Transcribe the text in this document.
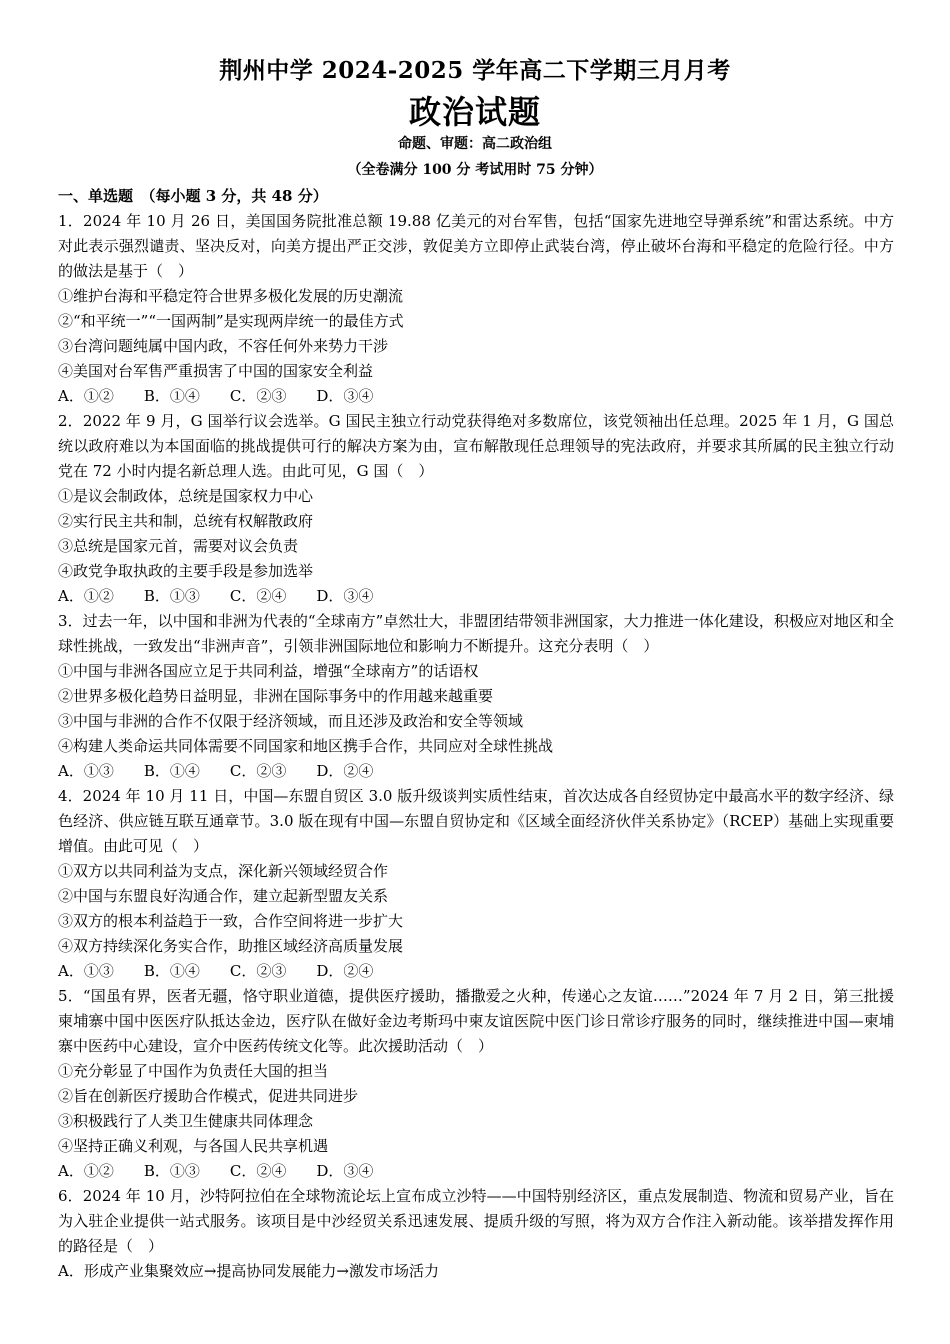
荆州中学 2024-2025 学年高二下学期三月月考
政治试题
命题、审题：高二政治组
（全卷满分 100 分 考试用时 75 分钟）
一、单选题　（每小题 3 分，共 48 分）
1．2024 年 10 月 26 日，美国国务院批准总额 19.88 亿美元的对台军售，包括“国家先进地空导弹系统”和雷达系统。中方对此表示强烈谴责、坚决反对，向美方提出严正交涉，敦促美方立即停止武装台湾，停止破坏台海和平稳定的危险行径。中方的做法是基于（　）
①维护台海和平稳定符合世界多极化发展的历史潮流
②“和平统一”“一国两制”是实现两岸统一的最佳方式
③台湾问题纯属中国内政，不容任何外来势力干涉
④美国对台军售严重损害了中国的国家安全利益
A．①② B．①④ C．②③ D．③④
2．2022 年 9 月，G 国举行议会选举。G 国民主独立行动党获得绝对多数席位，该党领袖出任总理。2025 年 1 月，G 国总统以政府难以为本国面临的挑战提供可行的解决方案为由，宣布解散现任总理领导的宪法政府，并要求其所属的民主独立行动党在 72 小时内提名新总理人选。由此可见，G 国（　）
①是议会制政体，总统是国家权力中心
②实行民主共和制，总统有权解散政府
③总统是国家元首，需要对议会负责
④政党争取执政的主要手段是参加选举
A．①② B．①③ C．②④ D．③④
3．过去一年，以中国和非洲为代表的“全球南方”卓然壮大，非盟团结带领非洲国家，大力推进一体化建设，积极应对地区和全球性挑战，一致发出“非洲声音”，引领非洲国际地位和影响力不断提升。这充分表明（　）
①中国与非洲各国应立足于共同利益，增强“全球南方”的话语权
②世界多极化趋势日益明显，非洲在国际事务中的作用越来越重要
③中国与非洲的合作不仅限于经济领域，而且还涉及政治和安全等领域
④构建人类命运共同体需要不同国家和地区携手合作，共同应对全球性挑战
A．①③ B．①④ C．②③ D．②④
4．2024 年 10 月 11 日，中国—东盟自贸区 3.0 版升级谈判实质性结束，首次达成各自经贸协定中最高水平的数字经济、绿色经济、供应链互联互通章节。3.0 版在现有中国—东盟自贸协定和《区域全面经济伙伴关系协定》（RCEP）基础上实现重要增值。由此可见（　）
①双方以共同利益为支点，深化新兴领域经贸合作
②中国与东盟良好沟通合作，建立起新型盟友关系
③双方的根本利益趋于一致，合作空间将进一步扩大
④双方持续深化务实合作，助推区域经济高质量发展
A．①③ B．①④ C．②③ D．②④
5．“国虽有界，医者无疆，恪守职业道德，提供医疗援助，播撒爱之火种，传递心之友谊……”2024 年 7 月 2 日，第三批援柬埔寨中国中医医疗队抵达金边，医疗队在做好金边考斯玛中柬友谊医院中医门诊日常诊疗服务的同时，继续推进中国—柬埔寨中医药中心建设，宣介中医药传统文化等。此次援助活动（　）
①充分彰显了中国作为负责任大国的担当
②旨在创新医疗援助合作模式，促进共同进步
③积极践行了人类卫生健康共同体理念
④坚持正确义利观，与各国人民共享机遇
A．①② B．①③ C．②④ D．③④
6．2024 年 10 月，沙特阿拉伯在全球物流论坛上宣布成立沙特——中国特别经济区，重点发展制造、物流和贸易产业，旨在为入驻企业提供一站式服务。该项目是中沙经贸关系迅速发展、提质升级的写照，将为双方合作注入新动能。该举措发挥作用的路径是（　）
A．形成产业集聚效应→提高协同发展能力→激发市场活力
